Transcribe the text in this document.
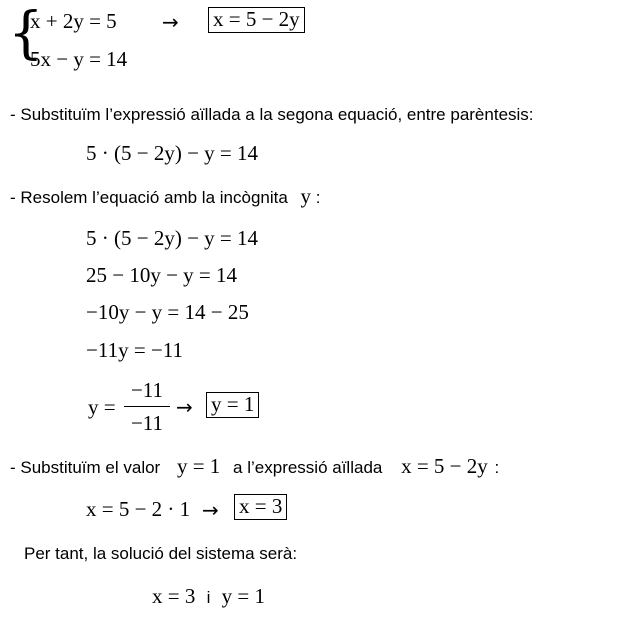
{
x + 2y = 5
5x − y = 14
→ x = 5 − 2y
- Substituïm l’expressió aïllada a la segona equació, entre parèntesis:
5 · (5 − 2y) − y = 14
- Resolem l’equació amb la incògnita y :
5 · (5 − 2y) − y = 14
25 − 10y − y = 14
−10y − y = 14 − 25
−11y = −11
y =
−11
−11
→ y = 1
- Substituïm el valor y = 1 a l’expressió aïllada x = 5 − 2y :
x = 5 − 2 · 1 → x = 3
Per tant, la solució del sistema serà:
x = 3 i y = 1
